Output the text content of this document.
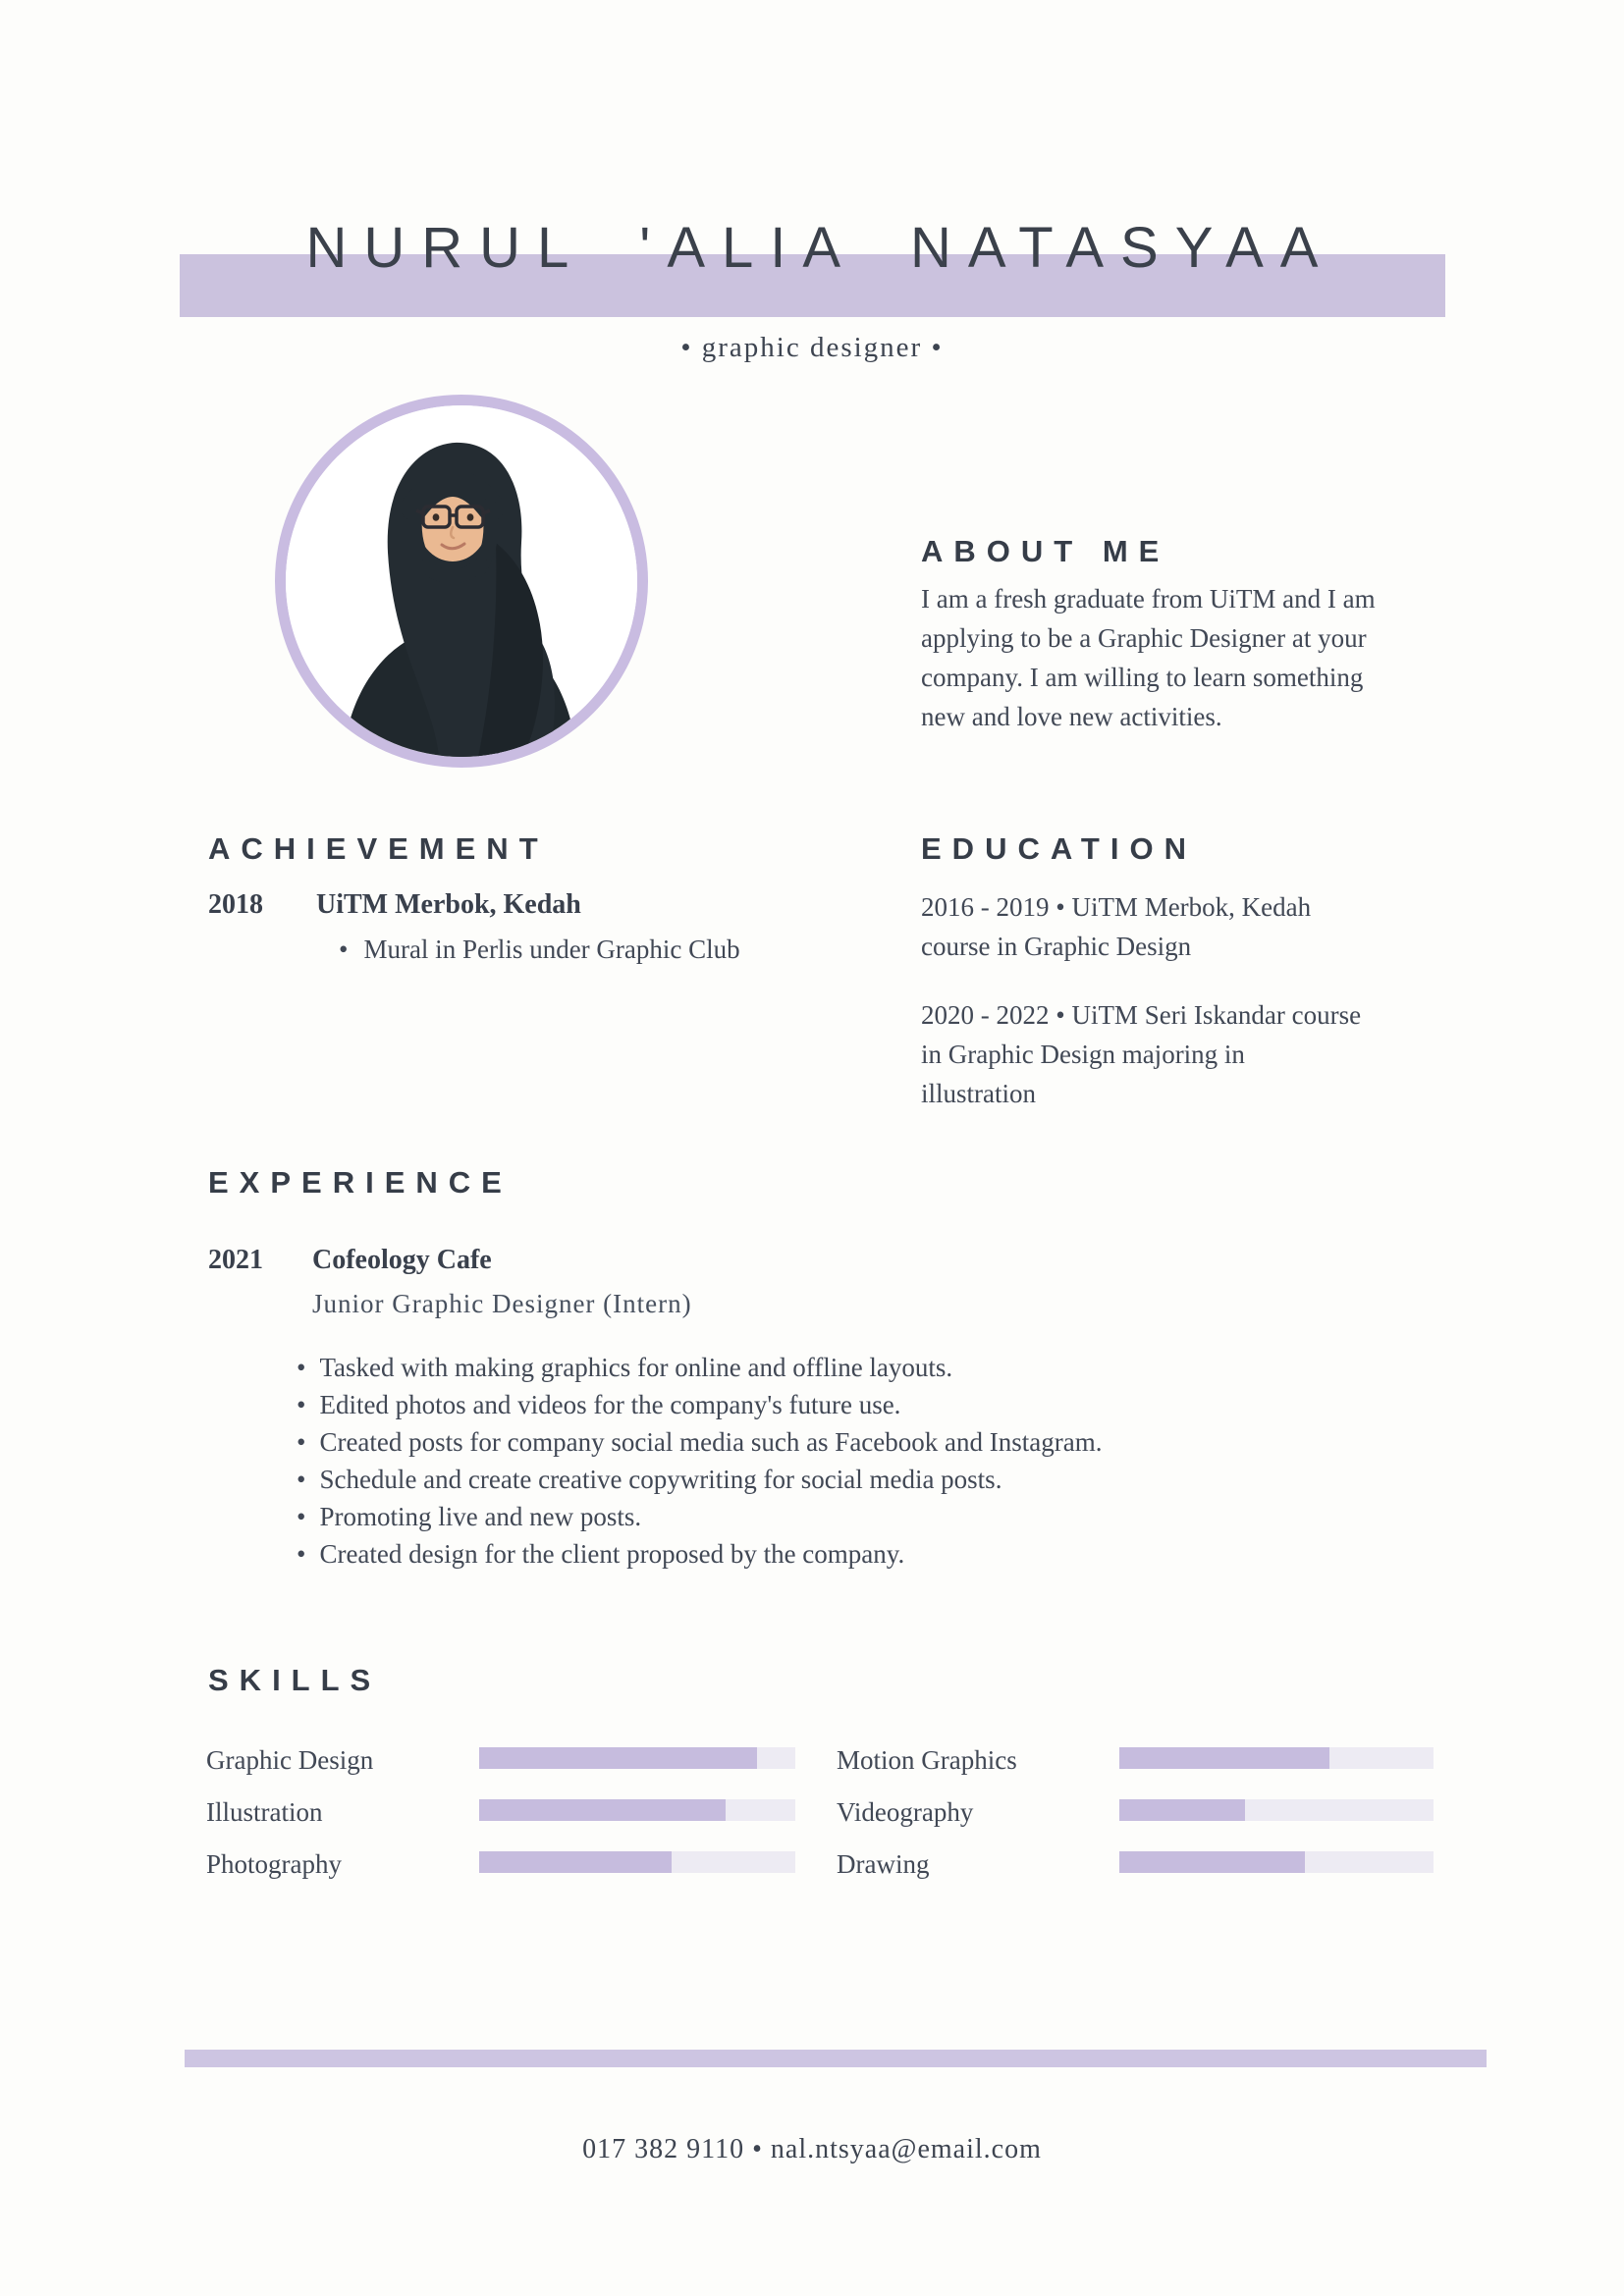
NURUL 'ALIA NATASYAA
• graphic designer •
ABOUT ME
I am a fresh graduate from UiTM and I am
applying to be a Graphic Designer at your
company. I am willing to learn something
new and love new activities.
ACHIEVEMENT
2018 UiTM Merbok, Kedah
• Mural in Perlis under Graphic Club
EDUCATION
2016 - 2019 • UiTM Merbok, Kedah
course in Graphic Design
2020 - 2022 • UiTM Seri Iskandar course
in Graphic Design majoring in
illustration
EXPERIENCE
2021 Cofeology Cafe
Junior Graphic Designer (Intern)
• Tasked with making graphics for online and offline layouts.
• Edited photos and videos for the company's future use.
• Created posts for company social media such as Facebook and Instagram.
• Schedule and create creative copywriting for social media posts.
• Promoting live and new posts.
• Created design for the client proposed by the company.
SKILLS
Graphic Design	Motion Graphics
Illustration	Videography
Photography	Drawing
017 382 9110 • nal.ntsyaa@email.com
